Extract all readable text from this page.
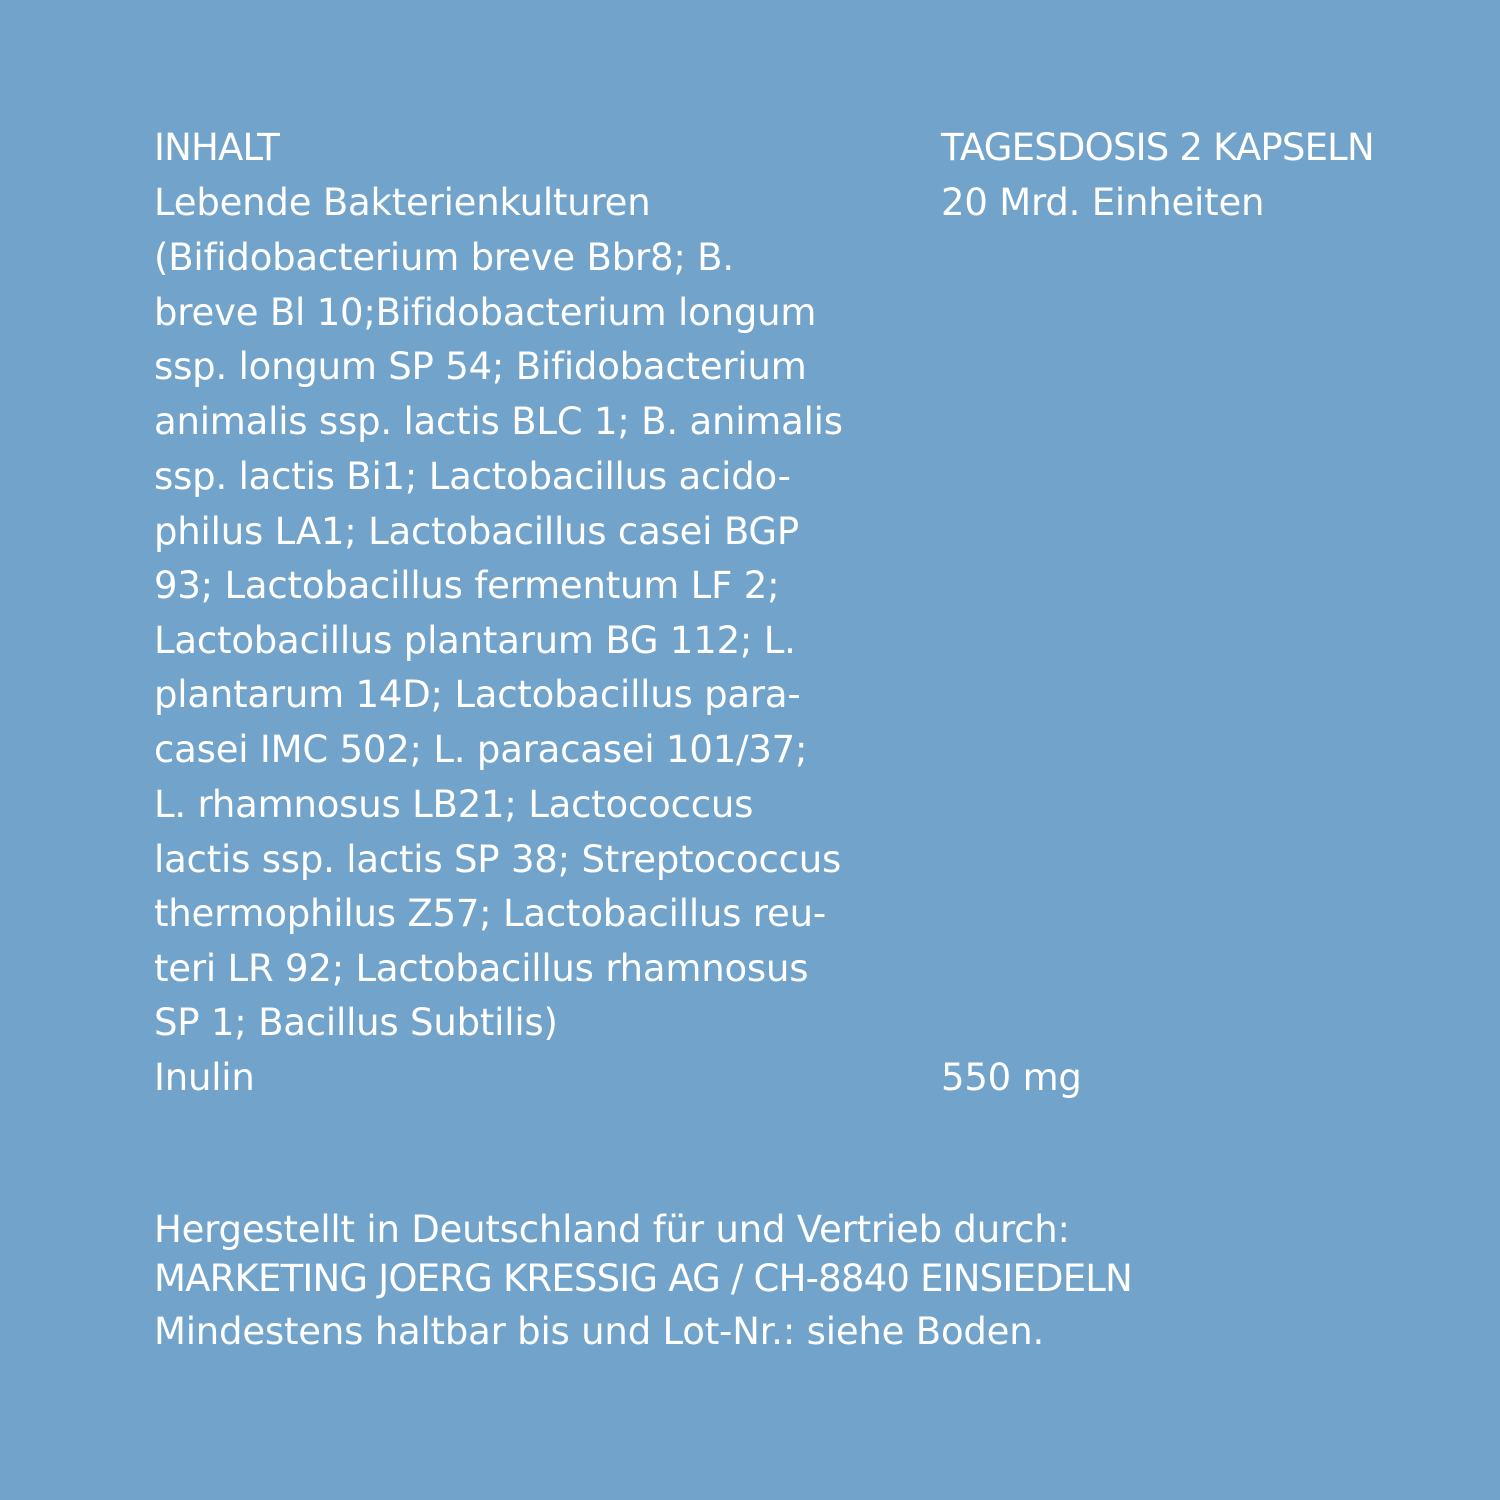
INHALT	TAGESDOSIS 2 KAPSELN
Lebende Bakterienkulturen	20 Mrd. Einheiten
(Bifidobacterium breve Bbr8; B.
breve Bl 10;Bifidobacterium longum
ssp. longum SP 54; Bifidobacterium
animalis ssp. lactis BLC 1; B. animalis
ssp. lactis Bi1; Lactobacillus acido-
philus LA1; Lactobacillus casei BGP
93; Lactobacillus fermentum LF 2;
Lactobacillus plantarum BG 112; L.
plantarum 14D; Lactobacillus para-
casei IMC 502; L. paracasei 101/37;
L. rhamnosus LB21; Lactococcus
lactis ssp. lactis SP 38; Streptococcus
thermophilus Z57; Lactobacillus reu-
teri LR 92; Lactobacillus rhamnosus
SP 1; Bacillus Subtilis)
Inulin	550 mg
Hergestellt in Deutschland für und Vertrieb durch:
MARKETING JOERG KRESSIG AG / CH-8840 EINSIEDELN
Mindestens haltbar bis und Lot-Nr.: siehe Boden.
